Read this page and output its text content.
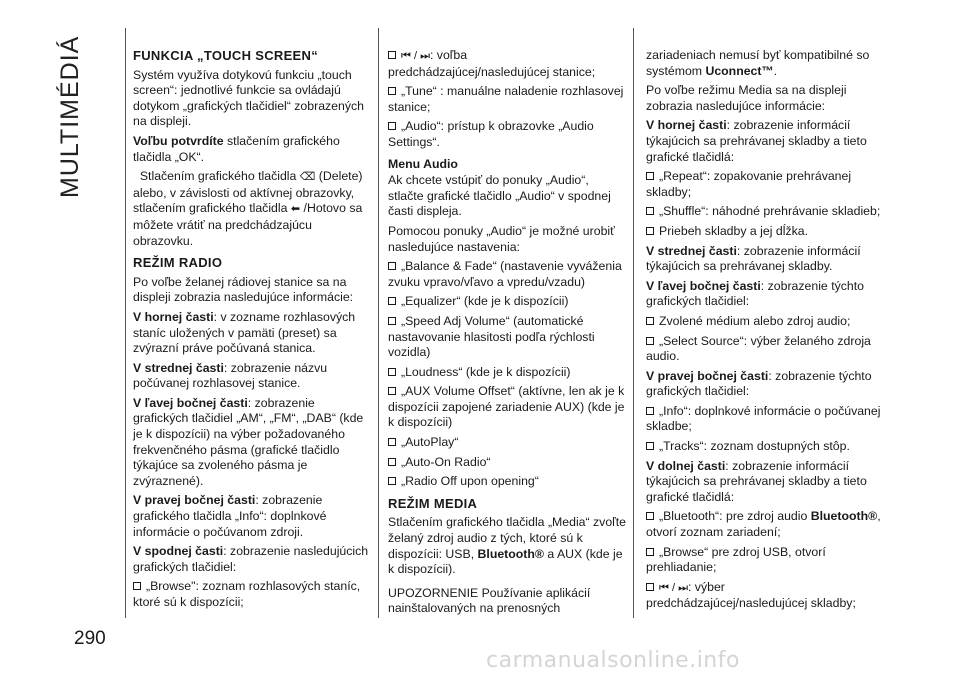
MULTIMÉDIÁ	FUNKCIA „TOUCH SCREEN“

Systém využíva dotykovú funkciu „touch screen“: jednotlivé funkcie sa ovládajú dotykom „grafických tlačidiel“ zobrazených na displeji.

Voľbu potvrdíte stlačením grafického tlačidla „OK“.

Stlačením grafického tlačidla ⌫ (Delete) alebo, v závislosti od aktívnej obrazovky, stlačením grafického tlačidla ⬅ /Hotovo sa môžete vrátiť na predchádzajúcu obrazovku.

REŽIM RADIO

Po voľbe želanej rádiovej stanice sa na displeji zobrazia nasledujúce informácie:

V hornej časti: v zozname rozhlasových staníc uložených v pamäti (preset) sa zvýrazní práve počúvaná stanica.

V strednej časti: zobrazenie názvu počúvanej rozhlasovej stanice.

V ľavej bočnej časti: zobrazenie grafických tlačidiel „AM“, „FM“, „DAB“ (kde je k dispozícii) na výber požadovaného frekvenčného pásma (grafické tlačidlo týkajúce sa zvoleného pásma je zvýraznené).

V pravej bočnej časti: zobrazenie grafického tlačidla „Info“: doplnkové informácie o počúvanom zdroji.

V spodnej časti: zobrazenie nasledujúcich grafických tlačidiel:

„Browse": zoznam rozhlasových staníc, ktoré sú k dispozícii;

⏮ / ⏭: voľba predchádzajúcej/nasledujúcej stanice;

„Tune“ : manuálne naladenie rozhlasovej stanice;

„Audio“: prístup k obrazovke „Audio Settings“.

Menu Audio

Ak chcete vstúpiť do ponuky „Audio“, stlačte grafické tlačidlo „Audio“ v spodnej časti displeja.

Pomocou ponuky „Audio“ je možné urobiť nasledujúce nastavenia:

„Balance & Fade“ (nastavenie vyváženia zvuku vpravo/vľavo a vpredu/vzadu)

„Equalizer“ (kde je k dispozícii)

„Speed Adj Volume“ (automatické nastavovanie hlasitosti podľa rýchlosti vozidla)

„Loudness“ (kde je k dispozícii)

„AUX Volume Offset“ (aktívne, len ak je k dispozícii zapojené zariadenie AUX) (kde je k dispozícii)

„AutoPlay“

„Auto-On Radio“

„Radio Off upon opening“

REŽIM MEDIA

Stlačením grafického tlačidla „Media“ zvoľte želaný zdroj audio z tých, ktoré sú k dispozícii: USB, Bluetooth® a AUX (kde je k dispozícii).

UPOZORNENIE Používanie aplikácií nainštalovaných na prenosných

zariadeniach nemusí byť kompatibilné so systémom Uconnect™.

Po voľbe režimu Media sa na displeji zobrazia nasledujúce informácie:

V hornej časti: zobrazenie informácií týkajúcich sa prehrávanej skladby a tieto grafické tlačidlá:

„Repeat“: zopakovanie prehrávanej skladby;

„Shuffle“: náhodné prehrávanie skladieb;

Priebeh skladby a jej dĺžka.

V strednej časti: zobrazenie informácií týkajúcich sa prehrávanej skladby.

V ľavej bočnej časti: zobrazenie týchto grafických tlačidiel:

Zvolené médium alebo zdroj audio;

„Select Source“: výber želaného zdroja audio.

V pravej bočnej časti: zobrazenie týchto grafických tlačidiel:

„Info“: doplnkové informácie o počúvanej skladbe;

„Tracks“: zoznam dostupných stôp.

V dolnej časti: zobrazenie informácií týkajúcich sa prehrávanej skladby a tieto grafické tlačidlá:

„Bluetooth“: pre zdroj audio Bluetooth®, otvorí zoznam zariadení;

„Browse“ pre zdroj USB, otvorí prehliadanie;

⏮ / ⏭: výber predchádzajúcej/nasledujúcej skladby;

290
carmanualsonline.info
